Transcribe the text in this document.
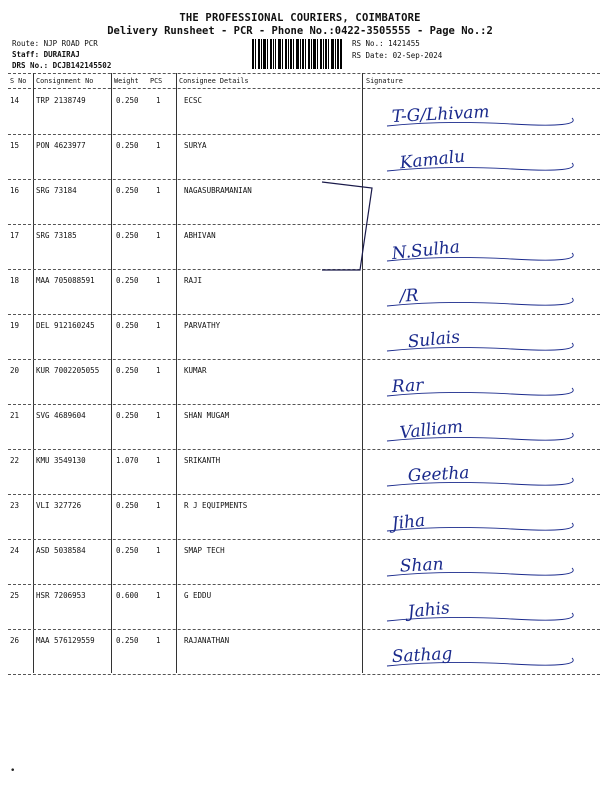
THE PROFESSIONAL COURIERS, COIMBATORE
Delivery Runsheet - PCR - Phone No.:0422-3505555 - Page No.:2
Route: NJP ROAD PCR
Staff: DURAIRAJ
DRS No.: DCJB142145502
RS No.: 1421455
RS Date: 02-Sep-2024
S No Consignment No	Weight PCS Consignee Details	Signature
14 TRP 2138749	0.250 1	ECSC
T-G/Lhivam
15 PON 4623977	0.250 1	SURYA
Kamalu
16 SRG 73184	0.250 1	NAGASUBRAMANIAN
17 SRG 73185	0.250 1	ABHIVAN
N.Sulha
18 MAA 705088591	0.250 1	RAJI
/R
19 DEL 912160245	0.250 1	PARVATHY
Sulais
20 KUR 7002205055 0.250 1	KUMAR
Rar
21 SVG 4689604	0.250 1	SHAN MUGAM
Valliam
22 KMU 3549130	1.070 1	SRIKANTH
Geetha
23 VLI 327726	0.250 1	R J EQUIPMENTS
Jiha
24 ASD 5038584	0.250 1	SMAP TECH
Shan
25 HSR 7206953	0.600 1	G EDDU
Jahis
26 MAA 576129559	0.250 1	RAJANATHAN
Sathag
•
